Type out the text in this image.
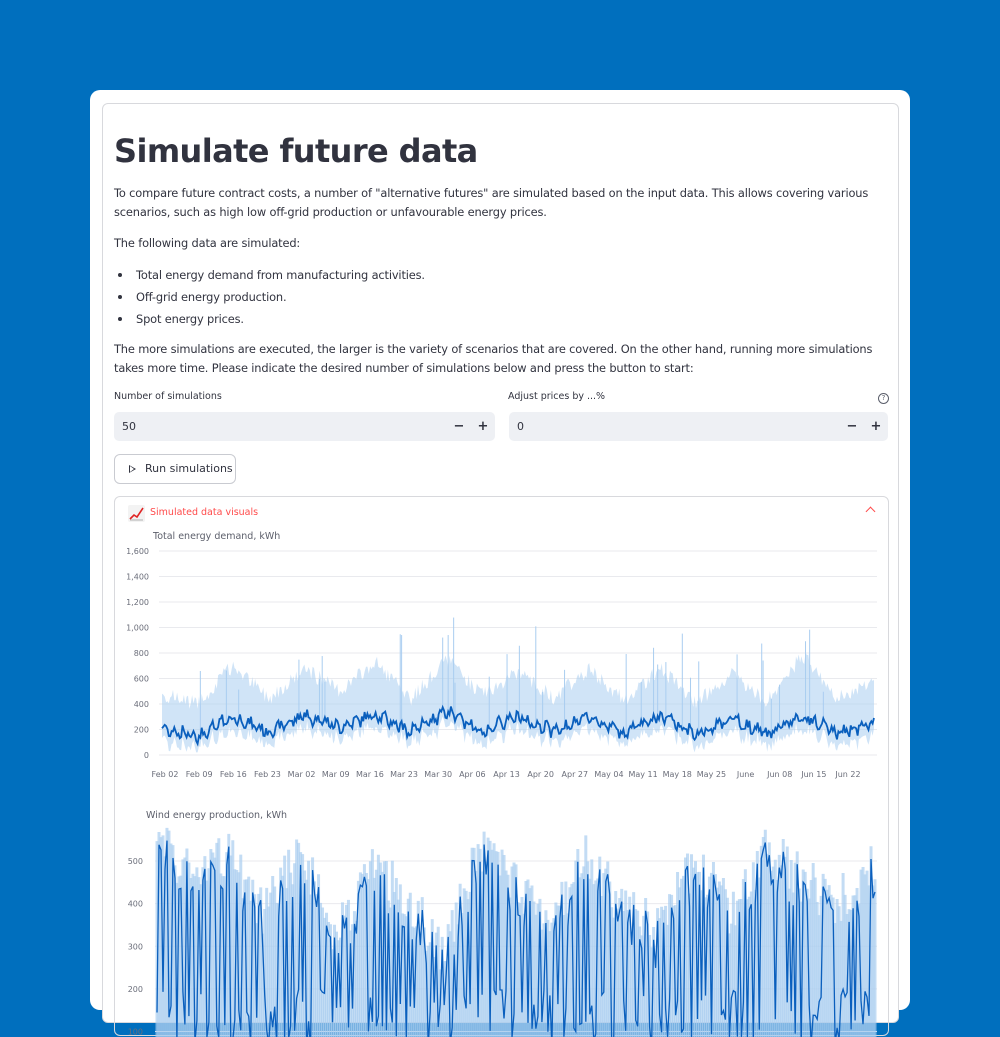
Simulate future data

To compare future contract costs, a number of "alternative futures" are simulated based on the input data. This allows covering various scenarios, such as high low off-grid production or unfavourable energy prices.

The following data are simulated:

Total energy demand from manufacturing activities.
Off-grid energy production.
Spot energy prices.

The more simulations are executed, the larger is the variety of scenarios that are covered. On the other hand, running more simulations takes more time. Please indicate the desired number of simulations below and press the button to start:

Number of simulations
50	−	+
Adjust prices by ...%	?
0	−	+
Run simulations
Simulated data visuals
Total energy demand, kWh
0
200
400
600
800
1,000
1,200
1,400
1,600
Feb 02 Feb 09 Feb 16 Feb 23 Mar 02 Mar 09 Mar 16 Mar 23 Mar 30 Apr 06 Apr 13 Apr 20 Apr 27 May 04 May 11 May 18 May 25 June Jun 08 Jun 15 Jun 22
Wind energy production, kWh
100
200
300
400
500
